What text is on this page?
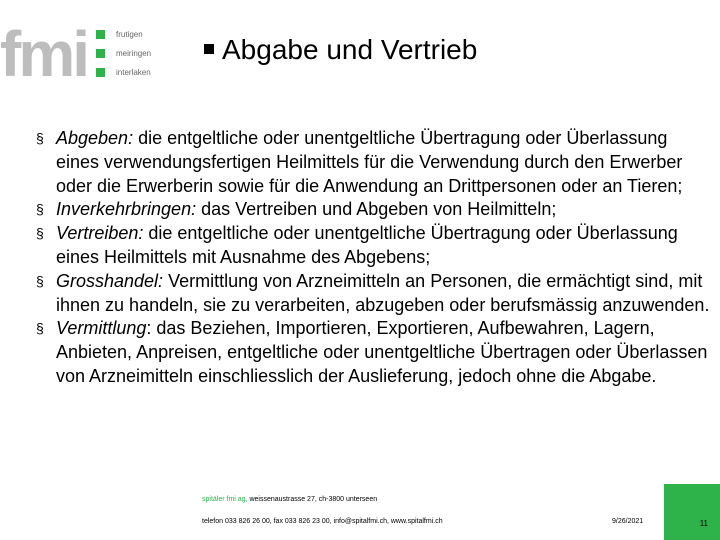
fmi	frutigen
meiringen
interlaken
Abgabe und Vertrieb
§ Abgeben: die entgeltliche oder unentgeltliche Übertragung oder Überlassung eines verwendungsfertigen Heilmittels für die Verwendung durch den Erwerber oder die Erwerberin sowie für die Anwendung an Drittpersonen oder an Tieren;
§ Inverkehrbringen: das Vertreiben und Abgeben von Heilmitteln;
§ Vertreiben: die entgeltliche oder unentgeltliche Übertragung oder Überlassung eines Heilmittels mit Ausnahme des Abgebens;
§ Grosshandel: Vermittlung von Arzneimitteln an Personen, die ermächtigt sind, mit ihnen zu handeln, sie zu verarbeiten, abzugeben oder berufsmässig anzuwenden.
§ Vermittlung: das Beziehen, Importieren, Exportieren, Aufbewahren, Lagern, Anbieten, Anpreisen, entgeltliche oder unentgeltliche Übertragen oder Überlassen von Arzneimitteln einschliesslich der Auslieferung, jedoch ohne die Abgabe.
spitäler fmi ag, weissenaustrasse 27, ch-3800 unterseen
telefon 033 826 26 00, fax 033 826 23 00, info@spitalfmi.ch, www.spitalfmi.ch	9/26/2021	11
